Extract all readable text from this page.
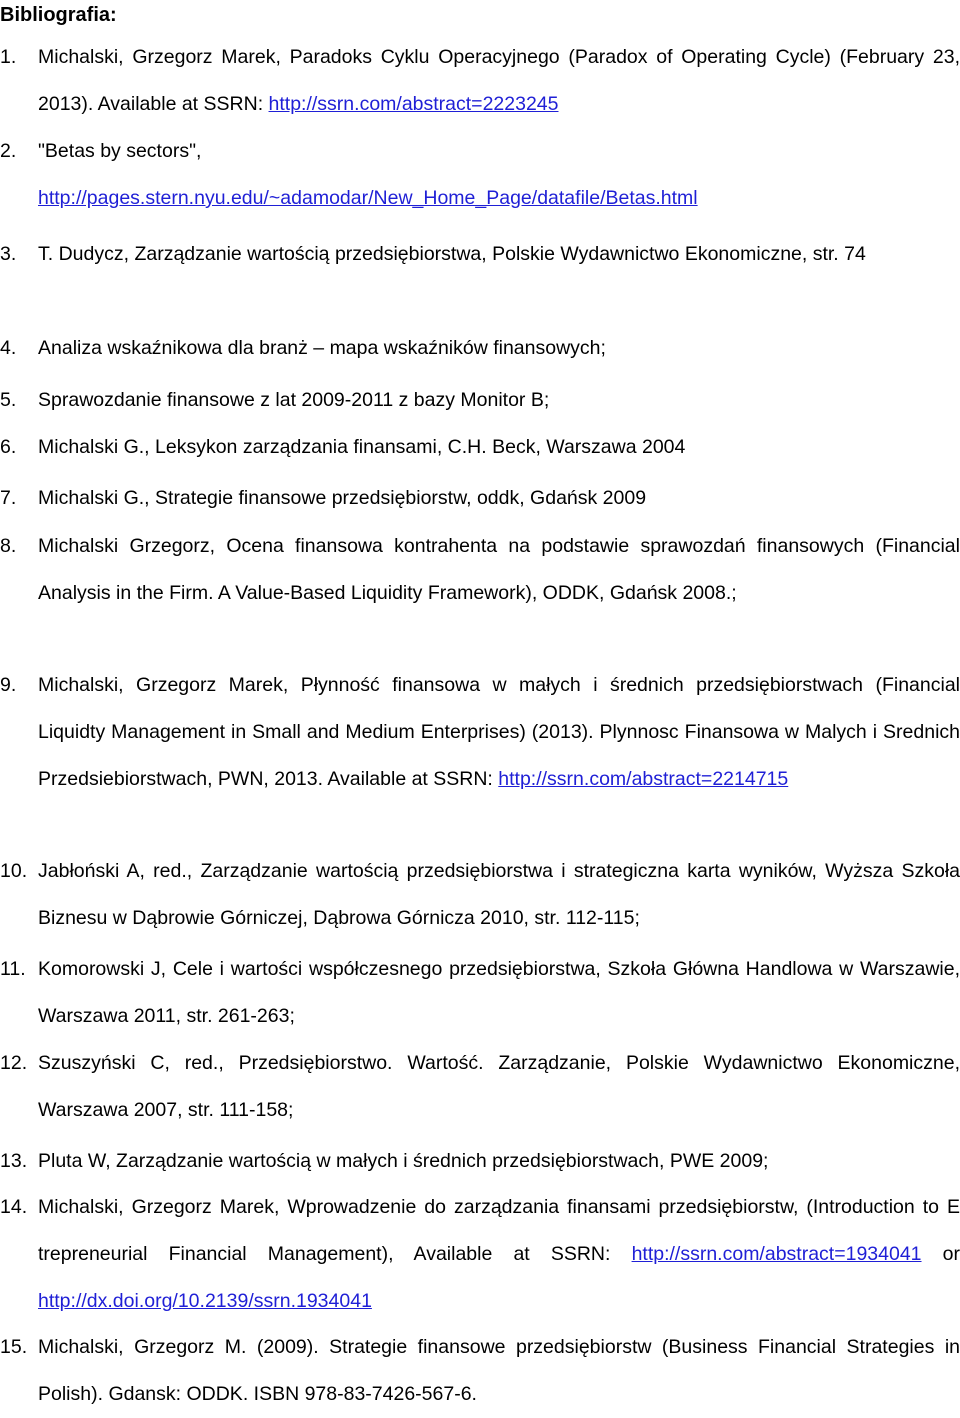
Bibliografia:
1. Michalski, Grzegorz Marek, Paradoks Cyklu Operacyjnego (Paradox of Operating Cycle) (February 23, 2013). Available at SSRN: http://ssrn.com/abstract=2223245
2. "Betas by sectors",
http://pages.stern.nyu.edu/~adamodar/New_Home_Page/datafile/Betas.html
3. T. Dudycz, Zarządzanie wartością przedsiębiorstwa, Polskie Wydawnictwo Ekonomiczne, str. 74
4. Analiza wskaźnikowa dla branż – mapa wskaźników finansowych;
5. Sprawozdanie finansowe z lat 2009-2011 z bazy Monitor B;
6. Michalski G., Leksykon zarządzania finansami, C.H. Beck, Warszawa 2004
7. Michalski G., Strategie finansowe przedsiębiorstw, oddk, Gdańsk 2009
8. Michalski Grzegorz, Ocena finansowa kontrahenta na podstawie sprawozdań finansowych (Financial Analysis in the Firm. A Value-Based Liquidity Framework), ODDK, Gdańsk 2008.;
9. Michalski, Grzegorz Marek, Płynność finansowa w małych i średnich przedsiębiorstwach (Financial Liquidty Management in Small and Medium Enterprises) (2013). Plynnosc Finansowa w Malych i Srednich Przedsiebiorstwach, PWN, 2013. Available at SSRN: http://ssrn.com/abstract=2214715
10. Jabłoński A, red., Zarządzanie wartością przedsiębiorstwa i strategiczna karta wyników, Wyższa Szkoła Biznesu w Dąbrowie Górniczej, Dąbrowa Górnicza 2010, str. 112-115;
11. Komorowski J, Cele i wartości współczesnego przedsiębiorstwa, Szkoła Główna Handlowa w Warszawie, Warszawa 2011, str. 261-263;
12. Szuszyński C, red., Przedsiębiorstwo. Wartość. Zarządzanie, Polskie Wydawnictwo Ekonomiczne, Warszawa 2007, str. 111-158;
13. Pluta W, Zarządzanie wartością w małych i średnich przedsiębiorstwach, PWE 2009;
14. Michalski, Grzegorz Marek, Wprowadzenie do zarządzania finansami przedsiębiorstw, (Introduction to E trepreneurial Financial Management), Available at SSRN: http://ssrn.com/abstract=1934041 or http://dx.doi.org/10.2139/ssrn.1934041
15. Michalski, Grzegorz M. (2009). Strategie finansowe przedsiębiorstw (Business Financial Strategies in Polish). Gdansk: ODDK. ISBN 978-83-7426-567-6.
